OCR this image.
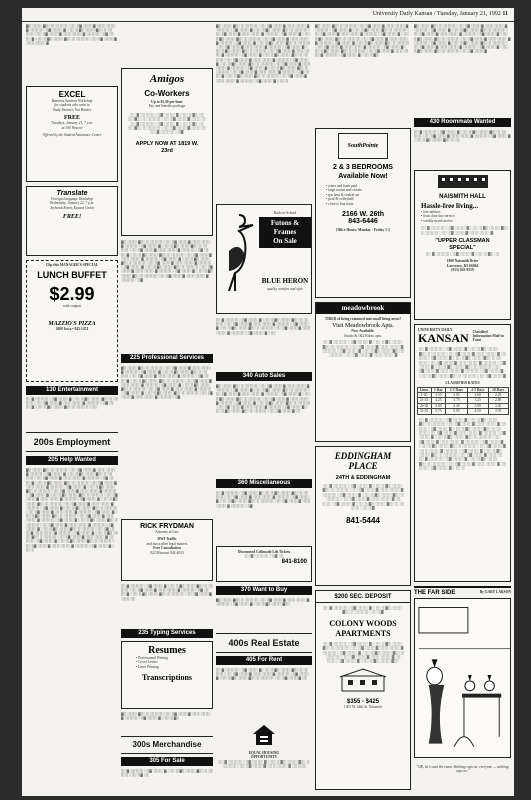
University Daily Kansan / Tuesday, January 21, 1992 11
▓▒ ░▒ ▒░ ▓▒░ ▒ ░▒ ▒░▒ ░ ▒░ ▒▓ ░▒ ▒░▓ ░▒ ▒ ░▒ ▒░ ▓ ░▒ ▒░▒ ░ ▒▓ ░▒ ▒░ ▓ ░ ▒░ ▒ ▓▒ ░▒ ▒░ ▓▒░ ▒ ░▒ ▒░▒ ░ ▒░ ▒▓ ░▒ ▒░▓ ░▒ ▒ ░▒ ▒░ ▓ ░▒ ▒░▒ ░ ▒▓ ░▒ ▒░ ▓ ░ ▒░ ▒ ▓▒ ░▒ ▒░ ▓▒░ ▒ ░▒ ▒░▒ ░ ▒░ ▒▓ ░▒ ▒░▓ ░▒ ▒ ░▒ ▒░ ▓
EXCEL
Business Seminar Workshop
for students who want to
Study Smarter, Not Harder
FREE
Tuesdays, January 21, 7 p.m.
at 300 Wescoe
Offered by the Student Assistance Center
Translate
Foreign Language Workshop
Wednesday, January 22, 7 p.m.
Jayhawk Room, Kansas Union
FREE!
Clip this MANAGER'S SPECIAL
LUNCH BUFFET
$2.99
with coupon
MAZZIO'S PIZZA
2600 Iowa • 843-1474
130 Entertainment
▒░ ▓ ░▒ ▒░▒ ░ ▒▓ ░▒ ▒░ ▓ ░ ▒░ ▒ ▓▒ ░▒ ▒░ ▓▒░ ▒ ░▒ ▒░▒ ░ ▒░ ▒▓ ░▒ ▒░▓ ░▒ ▒ ░▒ ▒░ ▓ ░▒ ▒░▒ ░ ▒▓ ░▒ ▒░ ▓ ░ ▒░ ▒ ▓▒ ░▒ ▒░ ▓▒░ ▒ ░▒ ▒░▒ ░ ▒░
200s Employment
205 Help Wanted
▓▒ ░▒ ▒░ ▓▒░ ▒ ░▒ ▒░▒ ░ ▒░ ▒▓ ░▒ ▒░▓ ░▒ ▒ ░▒ ▒░ ▓ ░▒ ▒░▒ ░ ▒▓ ░▒ ▒░ ▓ ░ ▒░ ▒ ▓▒ ░▒ ▒░ ▓▒░ ▒ ░▒ ▒░▒ ░ ▒░ ▒▓ ░▒ ▒░▓ ░▒ ▒ ░▒ ▒░ ▓ ░▒ ▒░▒ ░ ▒▓ ░▒ ▒░ ▓ ░ ▒░ ▒ ▓▒ ░▒ ▒░ ▓▒░ ▒ ░▒ ▒░▒ ░ ▒░ ▒▓ ░▒ ▒░▓ ░▒ ▒ ░▒ ▒░ ▓ ░▒ ▒░▒ ░ ▒▓ ░▒ ▒░ ▓ ░ ▒░ ▒ ▓▒ ░▒ ▒░ ▓▒░ ▒ ░▒ ▒░▒ ░ ▒░ ▒▓ ░▒ ▒░▓ ░▒ ▒ ░▒ ▒░ ▓ ░▒ ▒░▒ ░ ▒▓ ░▒ ▒░ ▓ ░ ▒░ ▒ ▓▒ ░▒ ▒░ ▓▒░ ▒ ░▒ ▒░▒ ░ ▒░ ▒▓ ░▒ ▒░▓ ░▒ ▒ ░▒ ▒░ ▓ ░▒ ▒░▒ ░ ▒▓ ░▒ ▒░ ▓ ░ ▒░ ▒ ▓▒ ░▒ ▒░ ▓▒░ ▒ ░▒ ▒░▒ ░ ▒░ ▒▓ ░▒ ▒░▓ ░▒ ▒ ░▒ ▒░ ▓ ░▒ ▒░▒ ░ ▒▓ ░▒ ▒░ ▓ ░ ▒░ ▒ ▓▒ ░▒ ▒░ ▓▒░ ▒ ░▒ ▒░▒ ░ ▒░ ▒▓ ░▒ ▒░▓ ░▒ ▒ ░▒ ▒░ ▓ ░▒ ▒░▒ ░ ▒▓ ░▒ ▒░ ▓ ░ ▒░ ▒ ▓▒ ░▒ ▒░ ▓▒░ ▒ ░▒ ▒░▒ ░ ▒░ ▒▓ ░▒ ▒░▓ ░▒ ▒ ░▒ ▒░ ▓ ░▒ ▒░▒ ░ ▒▓ ░▒ ▒░ ▓ ░ ▒░ ▒ ▓▒ ░▒ ▒░ ▓▒░ ▒ ░▒ ▒░▒ ░ ▒░ ▒▓ ░▒ ▒░▓ ░▒ ▒ ░▒ ▒░ ▓ ░▒ ▒░▒ ░ ▒▓ ░▒ ▒░ ▓ ░ ▒░ ▒ ▓▒ ░▒ ▒░ ▓▒░ ▒ ░▒ ▒░▒ ░ ▒░ ▒▓ ░▒ ▒░▓ ░▒ ▒ ░▒ ▒░ ▓ ░▒ ▒░▒ ░ ▒▓ ░▒ ▒░ ▓ ░ ▒░ ▒ ▓▒ ░▒ ▒░ ▓▒░ ▒ ░▒ ▒░▒ ░ ▒░ ▒▓ ░▒ ▒░▓ ░▒ ▒ ░▒ ▒░ ▓ ░▒ ▒░▒ ░ ▒▓ ░▒ ▒░ ▓ ░ ▒░ ▒ ▓▒ ░▒ ▒░ ▓▒░ ▒ ░▒ ▒░▒ ░ ▒░ ▒▓ ░▒ ▒░▓ ░▒ ▒ ░▒ ▒░ ▓ ░▒ ▒░▒ ░ ▒▓ ░▒ ▒░ ▓ ░ ▒░ ▒
Amigos
Co-Workers
Up to $5.50 per hour
Pay and benefits package
▒░ ▓ ░▒ ▒░▒ ░ ▒▓ ░▒ ▒░ ▓ ░ ▒░ ▒ ▓▒ ░▒ ▒░ ▓▒░ ▒ ░▒ ▒░▒ ░ ▒░ ▒▓ ░▒ ▒░▓ ░▒ ▒ ░▒ ▒░ ▓ ░▒ ▒░▒ ░ ▒▓ ░▒ ▒░ ▓ ░ ▒░ ▒ ▓▒ ░▒ ▒░ ▓▒░ ▒ ░▒ ▒░▒ ░ ▒░ ▒▓ ░▒ ▒░▓ ░▒ ▒ ░▒ ▒░ ▓ ░▒ ▒░▒ ░ ▒▓
APPLY NOW AT 1819 W. 23rd
▓▒ ░▒ ▒░ ▓▒░ ▒ ░▒ ▒░▒ ░ ▒░ ▒▓ ░▒ ▒░▓ ░▒ ▒ ░▒ ▒░ ▓ ░▒ ▒░▒ ░ ▒▓ ░▒ ▒░ ▓ ░ ▒░ ▒ ▓▒ ░▒ ▒░ ▓▒░ ▒ ░▒ ▒░▒ ░ ▒░ ▒▓ ░▒ ▒░▓ ░▒ ▒ ░▒ ▒░ ▓ ░▒ ▒░▒ ░ ▒▓ ░▒ ▒░ ▓ ░ ▒░ ▒ ▓▒ ░▒ ▒░ ▓▒░ ▒ ░▒ ▒░▒ ░ ▒░ ▒▓ ░▒ ▒░▓ ░▒ ▒ ░▒ ▒░ ▓ ░▒ ▒░▒ ░ ▒▓ ░▒ ▒░ ▓ ░ ▒░ ▒ ▓▒ ░▒ ▒░ ▓▒░ ▒ ░▒ ▒░▒ ░ ▒░ ▒▓ ░▒ ▒░▓ ░▒ ▒ ░▒ ▒░ ▓ ░▒ ▒░▒ ░ ▒▓ ░▒ ▒░ ▓ ░ ▒░ ▒ ▓▒ ░▒ ▒░ ▓▒░ ▒ ░▒ ▒░▒ ░ ▒░ ▒▓ ░▒ ▒░▓ ░▒ ▒ ░▒ ▒░ ▓ ░▒ ▒░▒ ░ ▒▓ ░▒ ▒░ ▓ ░ ▒░ ▒ ▓▒ ░▒ ▒░ ▓▒░ ▒ ░▒ ▒░▒ ░ ▒░ ▒▓ ░▒ ▒░▓ ░▒ ▒ ░▒ ▒░ ▓ ░▒ ▒░▒ ░ ▒▓
225 Professional Services
▓▒ ░▒ ▒░ ▓▒░ ▒ ░▒ ▒░▒ ░ ▒░ ▒▓ ░▒ ▒░▓ ░▒ ▒ ░▒ ▒░ ▓ ░▒ ▒░▒ ░ ▒▓ ░▒ ▒░ ▓ ░ ▒░ ▒ ▓▒ ░▒ ▒░ ▓▒░ ▒ ░▒ ▒░▒ ░ ▒░ ▒▓ ░▒ ▒░▓ ░▒ ▒ ░▒ ▒░ ▓ ░▒ ▒░▒ ░ ▒▓ ░▒ ▒░ ▓ ░ ▒░ ▒ ▓▒ ░▒ ▒░ ▓▒░ ▒ ░▒ ▒░▒ ░ ▒░ ▒▓ ░▒ ▒░▓ ░▒ ▒ ░▒ ▒░ ▓ ░▒ ▒░▒ ░ ▒▓ ░▒ ▒░ ▓ ░ ▒░ ▒ ▓▒ ░▒ ▒░ ▓▒░ ▒ ░▒ ▒░▒ ░ ▒░ ▒▓ ░▒ ▒░▓ ░▒ ▒ ░▒ ▒░ ▓ ░▒ ▒░▒ ░ ▒▓ ░▒ ▒░ ▓ ░ ▒░ ▒ ▓▒ ░▒ ▒░ ▓▒░ ▒ ░▒ ▒░▒ ░ ▒░ ▒▓ ░▒ ▒░▓ ░▒ ▒ ░▒ ▒░ ▓ ░▒ ▒░▒ ░ ▒▓
RICK FRYDMAN
Attorney at Law
DWI Traffic
and most other legal matters
Free Consultation
822 Missouri 842-4033
▒░ ▓ ░▒ ▒░▒ ░ ▒▓ ░▒ ▒░ ▓ ░ ▒░ ▒ ▓▒ ░▒ ▒░ ▓▒░ ▒ ░▒ ▒░▒ ░ ▒░ ▒▓ ░▒ ▒░▓ ░▒ ▒ ░▒ ▒░ ▓ ░▒ ▒░▒ ░ ▒▓ ░▒ ▒░ ▓ ░ ▒░ ▒ ▓▒ ░▒ ▒░ ▓▒░ ▒ ░▒ ▒░▒ ░ ▒░ ▒▓ ░▒ ▒░▓ ░▒ ▒ ░▒
235 Typing Services
Resumes
• Professional Writing
• Cover Letters
• Laser Printing
Transcriptions
▓▒ ░▒ ▒░ ▓▒░ ▒ ░▒ ▒░▒ ░ ▒░ ▒▓ ░▒ ▒░▓ ░▒ ▒ ░▒ ▒░ ▓ ░▒ ▒░▒ ░ ▒▓ ░▒ ▒░ ▓ ░ ▒░ ▒ ▓▒
300s Merchandise
305 For Sale
▒░ ▓ ░▒ ▒░▒ ░ ▒▓ ░▒ ▒░ ▓ ░ ▒░ ▒ ▓▒ ░▒ ▒░ ▓▒░ ▒ ░▒ ▒░▒ ░ ▒░ ▒▓ ░▒
▓▒ ░▒ ▒░ ▓▒░ ▒ ░▒ ▒░▒ ░ ▒░ ▒▓ ░▒ ▒░▓ ░▒ ▒ ░▒ ▒░ ▓ ░▒ ▒░▒ ░ ▒▓ ░▒ ▒░ ▓ ░ ▒░ ▒ ▓▒ ░▒ ▒░ ▓▒░ ▒ ░▒ ▒░▒ ░ ▒░ ▒▓ ░▒ ▒░▓ ░▒ ▒ ░▒ ▒░ ▓ ░▒ ▒░▒ ░ ▒▓ ░▒ ▒░ ▓ ░ ▒░ ▒ ▓▒ ░▒ ▒░ ▓▒░ ▒ ░▒ ▒░▒ ░ ▒░ ▒▓ ░▒ ▒░▓ ░▒ ▒ ░▒ ▒░ ▓ ░▒ ▒░▒ ░ ▒▓ ░▒ ▒░ ▓ ░ ▒░ ▒ ▓▒ ░▒ ▒░ ▓▒░ ▒ ░▒ ▒░▒ ░ ▒░ ▒▓ ░▒ ▒░▓ ░▒ ▒ ░▒ ▒░ ▓ ░▒ ▒░▒ ░ ▒▓ ░▒ ▒░ ▓ ░ ▒░ ▒ ▓▒ ░▒ ▒░ ▓▒░ ▒ ░▒ ▒░▒ ░ ▒░ ▒▓ ░▒ ▒░▓ ░▒ ▒ ░▒ ▒░ ▓ ░▒ ▒░▒ ░ ▒▓ ░▒ ▒░ ▓ ░ ▒░ ▒ ▓▒ ░▒ ▒░ ▓▒░ ▒ ░▒ ▒░▒ ░ ▒░ ▒▓ ░▒ ▒░▓ ░▒ ▒ ░▒ ▒░ ▓ ░▒ ▒░▒ ░ ▒▓ ░▒ ▒░ ▓ ░ ▒░ ▒ ▓▒ ░▒ ▒░ ▓▒░ ▒ ░▒ ▒░▒ ░ ▒░ ▒▓ ░▒ ▒░▓ ░▒ ▒ ░▒ ▒░ ▓ ░▒ ▒░▒ ░ ▒▓ ░▒ ▒░ ▓ ░ ▒░ ▒ ▓▒ ░▒ ▒░ ▓▒░ ▒ ░▒ ▒░▒ ░ ▒░ ▒▓ ░▒ ▒░▓ ░▒ ▒ ░▒ ▒░ ▓ ░▒ ▒░▒ ░ ▒▓ ░▒ ▒░ ▓ ░ ▒░ ▒ ▓▒ ░▒ ▒░ ▓▒░ ▒ ░▒ ▒░▒ ░ ▒░ ▒▓ ░▒ ▒░▓ ░▒ ▒ ░▒ ▒░ ▓ ░▒ ▒░▒ ░ ▒▓ ░▒ ▒░ ▓ ░ ▒░ ▒
Back-to-School
Futons & Frames
On Sale
BLUE HERON
quality comfort and style
▒░ ▓ ░▒ ▒░▒ ░ ▒▓ ░▒ ▒░ ▓ ░ ▒░ ▒ ▓▒ ░▒ ▒░ ▓▒░ ▒ ░▒ ▒░▒ ░ ▒░ ▒▓ ░▒ ▒░▓ ░▒ ▒ ░▒ ▒░ ▓ ░▒ ▒░▒ ░ ▒▓ ░▒ ▒░ ▓ ░ ▒░ ▒ ▓▒ ░▒ ▒░ ▓▒░ ▒ ░▒ ▒░▒ ░ ▒░ ▒▓ ░▒ ▒░▓ ░▒ ▒ ░▒ ▒░ ▓ ░▒ ▒░▒ ░ ▒▓ ░▒ ▒░ ▓ ░ ▒░
340 Auto Sales
▓▒ ░▒ ▒░ ▓▒░ ▒ ░▒ ▒░▒ ░ ▒░ ▒▓ ░▒ ▒░▓ ░▒ ▒ ░▒ ▒░ ▓ ░▒ ▒░▒ ░ ▒▓ ░▒ ▒░ ▓ ░ ▒░ ▒ ▓▒ ░▒ ▒░ ▓▒░ ▒ ░▒ ▒░▒ ░ ▒░ ▒▓ ░▒ ▒░▓ ░▒ ▒ ░▒ ▒░ ▓ ░▒ ▒░▒ ░ ▒▓ ░▒ ▒░ ▓ ░ ▒░ ▒ ▓▒ ░▒ ▒░ ▓▒░ ▒ ░▒ ▒░▒ ░ ▒░ ▒▓ ░▒ ▒░▓ ░▒ ▒ ░▒ ▒░ ▓ ░▒ ▒░▒ ░ ▒▓ ░▒ ▒░ ▓ ░ ▒░ ▒ ▓▒ ░▒ ▒░ ▓▒░ ▒ ░▒ ▒░▒ ░ ▒░ ▒▓ ░▒ ▒░▓ ░▒ ▒ ░▒ ▒░ ▓ ░▒ ▒░▒ ░ ▒▓ ░▒ ▒░ ▓ ░ ▒░ ▒ ▓▒ ░▒ ▒░ ▓▒░ ▒ ░▒ ▒░▒ ░ ▒░ ▒▓ ░▒ ▒░▓ ░▒
360 Miscellaneous
▒░ ▓ ░▒ ▒░▒ ░ ▒▓ ░▒ ▒░ ▓ ░ ▒░ ▒ ▓▒ ░▒ ▒░ ▓▒░ ▒ ░▒ ▒░▒ ░ ▒░ ▒▓ ░▒ ▒░▓ ░▒ ▒ ░▒ ▒░ ▓ ░▒ ▒░▒ ░ ▒▓ ░▒ ▒░ ▓ ░ ▒░ ▒ ▓▒ ░▒ ▒░ ▓▒░ ▒ ░▒ ▒░▒ ░ ▒░ ▒▓ ░▒ ▒░▓ ░▒ ▒ ░▒ ▒░ ▓ ░▒ ▒░▒ ░ ▒▓
Discounted Collonade Lift Tickets
▒░ ▓ ░▒ ▒░▒ ░ ▒▓ ░▒
841-8100
370 Want to Buy
▓▒ ░▒ ▒░ ▓▒░ ▒ ░▒ ▒░▒ ░ ▒░ ▒▓ ░▒ ▒░▓ ░▒ ▒ ░▒ ▒░ ▓ ░▒ ▒░▒ ░ ▒▓ ░▒ ▒░ ▓ ░ ▒░ ▒ ▓▒ ░▒ ▒░ ▓▒░
400s Real Estate
405 For Rent
▒░ ▓ ░▒ ▒░▒ ░ ▒▓ ░▒ ▒░ ▓ ░ ▒░ ▒ ▓▒ ░▒ ▒░ ▓▒░ ▒ ░▒ ▒░▒ ░ ▒░ ▒▓ ░▒ ▒░▓ ░▒ ▒ ░▒ ▒░ ▓ ░▒ ▒░▒ ░ ▒▓ ░▒ ▒░ ▓ ░ ▒░ ▒ ▓▒ ░▒ ▒░ ▓▒░ ▒ ░▒ ▒░▒ ░ ▒░ ▒▓ ░▒ ▒░▓ ░▒
EQUAL HOUSING OPPORTUNITY
▒░ ▓ ░▒ ▒░▒ ░ ▒▓ ░▒ ▒░ ▓ ░ ▒░ ▒ ▓▒ ░▒ ▒░ ▓▒░ ▒ ░▒ ▒░▒ ░ ▒░ ▒▓ ░▒ ▒░▓ ░▒ ▒ ░▒ ▒░ ▓ ░▒ ▒░▒
▓▒ ░▒ ▒░ ▓▒░ ▒ ░▒ ▒░▒ ░ ▒░ ▒▓ ░▒ ▒░▓ ░▒ ▒ ░▒ ▒░ ▓ ░▒ ▒░▒ ░ ▒▓ ░▒ ▒░ ▓ ░ ▒░ ▒ ▓▒ ░▒ ▒░ ▓▒░ ▒ ░▒ ▒░▒ ░ ▒░ ▒▓ ░▒ ▒░▓ ░▒ ▒ ░▒ ▒░ ▓ ░▒ ▒░▒ ░ ▒▓ ░▒ ▒░ ▓ ░ ▒░ ▒ ▓▒ ░▒ ▒░ ▓▒░ ▒ ░▒ ▒░▒ ░ ▒░ ▒▓ ░▒ ▒░▓ ░▒ ▒ ░▒ ▒░ ▓ ░▒ ▒░▒ ░ ▒▓ ░▒ ▒░ ▓ ░ ▒░ ▒ ▓▒ ░▒ ▒░ ▓▒░ ▒ ░▒ ▒░▒ ░ ▒░ ▒▓ ░▒ ▒░▓ ░▒ ▒ ░▒ ▒░ ▓ ░▒ ▒░▒ ░ ▒▓ ░▒ ▒░ ▓ ░ ▒░ ▒ ▓▒ ░▒ ▒░ ▓▒░ ▒ ░▒ ▒░▒ ░ ▒░ ▒▓ ░▒ ▒░▓ ░▒ ▒ ░▒ ▒░ ▓ ░▒ ▒░▒ ░ ▒▓ ░▒ ▒░ ▓ ░ ▒░ ▒ ▓▒
SouthPointe
2 & 3 BEDROOMS Available Now!
• water and trash paid
• large rooms and closets
• gas heat & central air
• pool & volleyball
• close to bus route
2166 W. 26th
843-6446
Office Hours: Monday - Friday 1-5
meadowbrook
TIRED of being crammed into small living areas?
Visit Meadowbrook Apts.
Now Available:
Studio & 1&2 Bdrm. apts.
▒░ ▓ ░▒ ▒░▒ ░ ▒▓ ░▒ ▒░ ▓ ░ ▒░ ▒ ▓▒ ░▒ ▒░ ▓▒░ ▒ ░▒ ▒░▒ ░ ▒░ ▒▓ ░▒ ▒░▓ ░▒ ▒ ░▒ ▒░ ▓ ░▒ ▒░▒ ░ ▒▓ ░▒ ▒░ ▓ ░ ▒░ ▒ ▓▒ ░▒ ▒░ ▓▒░ ▒ ░▒ ▒░▒ ░ ▒░ ▒▓ ░▒ ▒░▓ ░▒ ▒ ░▒ ▒░ ▓
EDDINGHAM PLACE
24TH & EDDINGHAM
▒░ ▓ ░▒ ▒░▒ ░ ▒▓ ░▒ ▒░ ▓ ░ ▒░ ▒ ▓▒ ░▒ ▒░ ▓▒░ ▒ ░▒ ▒░▒ ░ ▒░ ▒▓ ░▒ ▒░▓ ░▒ ▒ ░▒ ▒░ ▓ ░▒ ▒░▒ ░ ▒▓ ░▒ ▒░ ▓ ░ ▒░ ▒ ▓▒ ░▒ ▒░ ▓▒░ ▒ ░▒ ▒░▒ ░ ▒░ ▒▓ ░▒ ▒░▓ ░▒ ▒ ░▒ ▒░ ▓ ░▒ ▒░▒ ░ ▒▓ ░▒ ▒░ ▓ ░ ▒░ ▒ ▓▒ ░▒ ▒░ ▓▒░ ▒ ░▒ ▒░▒ ░ ▒░ ▒▓
841-5444
$200 SEC. DEPOSIT
▒░ ▓ ░▒ ▒░▒ ░ ▒▓ ░▒ ▒░ ▓ ░ ▒░ ▒ ▓▒ ░▒ ▒░ ▓▒░ ▒ ░▒ ▒░▒ ░ ▒░ ▒▓
COLONY WOODS APARTMENTS
▒░ ▓ ░▒ ▒░▒ ░ ▒▓ ░▒ ▒░ ▓ ░ ▒░ ▒ ▓▒ ░▒ ▒░ ▓▒░ ▒ ░▒ ▒░▒ ░ ▒░ ▒▓ ░▒ ▒░▓ ░▒ ▒ ░▒ ▒░ ▓ ░▒ ▒░▒ ░ ▒▓ ░▒ ▒░ ▓ ░ ▒░ ▒ ▓▒ ░▒ ▒░ ▓▒░ ▒ ░▒ ▒░▒ ░ ▒░ ▒▓ ░▒ ▒░▓ ░▒ ▒ ░▒ ▒░ ▓ ░▒ ▒░▒ ░ ▒▓ ░▒ ▒░ ▓ ░ ▒░ ▒ ▓▒ ░▒ ▒░ ▓▒░
$355 - $425
1301 W. 24th St. Naismith
▓▒ ░▒ ▒░ ▓▒░ ▒ ░▒ ▒░▒ ░ ▒░ ▒▓ ░▒ ▒░▓ ░▒ ▒ ░▒ ▒░ ▓ ░▒ ▒░▒ ░ ▒▓ ░▒ ▒░ ▓ ░ ▒░ ▒ ▓▒ ░▒ ▒░ ▓▒░ ▒ ░▒ ▒░▒ ░ ▒░ ▒▓ ░▒ ▒░▓ ░▒ ▒ ░▒ ▒░ ▓ ░▒ ▒░▒ ░ ▒▓ ░▒ ▒░ ▓ ░ ▒░ ▒ ▓▒ ░▒ ▒░ ▓▒░ ▒ ░▒ ▒░▒ ░ ▒░ ▒▓ ░▒ ▒░▓ ░▒ ▒ ░▒ ▒░ ▓ ░▒ ▒░▒ ░ ▒▓ ░▒ ▒░ ▓ ░ ▒░ ▒ ▓▒ ░▒ ▒░ ▓▒░ ▒ ░▒ ▒░▒ ░ ▒░ ▒▓ ░▒ ▒░▓ ░▒ ▒ ░▒ ▒░ ▓ ░▒ ▒░▒ ░ ▒▓ ░▒ ▒░ ▓ ░ ▒░ ▒ ▓▒ ░▒ ▒░ ▓▒░ ▒ ░▒ ▒░▒ ░ ▒░ ▒▓ ░▒ ▒░▓
430 Roommate Wanted
▒░ ▓ ░▒ ▒░▒ ░ ▒▓ ░▒ ▒░ ▓ ░ ▒░ ▒ ▓▒ ░▒ ▒░ ▓▒░ ▒ ░▒ ▒░▒ ░ ▒░ ▒▓ ░▒ ▒░▓ ░▒ ▒ ░▒ ▒░ ▓ ░▒ ▒░▒ ░ ▒▓ ░▒ ▒░ ▓ ░ ▒░ ▒ ▓▒ ░▒ ▒░ ▓▒░ ▒ ░▒
NAISMITH HALL
Hassle-free living...
• free utilities
• front door bus service
• weekly maid service
▒░ ▓ ░▒ ▒░▒ ░ ▒▓ ░▒ ▒░ ▓ ░ ▒░ ▒ ▓▒ ░▒ ▒░ ▓▒░ ▒ ░▒ ▒░▒ ░ ▒░ ▒▓ ░▒ ▒░▓ ░▒ ▒ ░▒ ▒░ ▓
"UPPER CLASSMAN SPECIAL"
▒░ ▓ ░▒ ▒░▒ ░ ▒▓ ░▒ ▒░ ▓ ░ ▒░ ▒ ▓▒ ░▒
1800 Naismith Drive
Lawrence, KS 66044
(913) 843-8559
UNIVERSITY DAILY
KANSAN Classified Information Mail-in Form
▒░ ▓ ░▒ ▒░▒ ░ ▒▓ ░▒ ▒░ ▓ ░ ▒░ ▒ ▓▒ ░▒ ▒░ ▓▒░ ▒ ░▒ ▒░▒ ░ ▒░ ▒▓ ░▒ ▒░▓ ░▒ ▒ ░▒ ▒░ ▓ ░▒ ▒░▒ ░ ▒▓ ░▒ ▒░ ▓ ░ ▒░ ▒ ▓▒ ░▒ ▒░ ▓▒░ ▒ ░▒ ▒░▒ ░ ▒░ ▒▓ ░▒ ▒░▓ ░▒ ▒ ░▒ ▒░ ▓ ░▒ ▒░▒ ░ ▒▓ ░▒ ▒░ ▓ ░ ▒░ ▒ ▓▒ ░▒ ▒░ ▓▒░ ▒ ░▒ ▒░▒ ░ ▒░ ▒▓ ░▒ ▒░▓ ░▒ ▒ ░▒ ▒░ ▓ ░▒ ▒░▒ ░ ▒▓ ░▒ ▒░ ▓ ░ ▒░ ▒ ▓▒ ░▒ ▒░ ▓▒░ ▒ ░▒ ▒░▒ ░ ▒░ ▒▓ ░▒ ▒░▓
CLASSIFIED RATES
Lines	1 Day	2-3 Days	4-5 Days	10 Days
1-20	3.50	3.05	2.60	2.25
21-25	4.25	3.75	3.25	2.80
26-30	5.00	4.40	3.90	3.40
31-35	5.75	5.05	4.50	3.95
▒░ ▓ ░▒ ▒░▒ ░ ▒▓ ░▒ ▒░ ▓ ░ ▒░ ▒ ▓▒ ░▒ ▒░ ▓▒░ ▒ ░▒ ▒░▒ ░ ▒░ ▒▓ ░▒ ▒░▓ ░▒ ▒ ░▒ ▒░ ▓ ░▒ ▒░▒ ░ ▒▓ ░▒ ▒░ ▓ ░ ▒░ ▒ ▓▒ ░▒ ▒░ ▓▒░ ▒ ░▒ ▒░▒ ░ ▒░ ▒▓ ░▒ ▒░▓ ░▒ ▒ ░▒ ▒░ ▓ ░▒ ▒░▒ ░ ▒▓ ░▒ ▒░ ▓ ░ ▒░ ▒ ▓▒ ░▒ ▒░ ▓▒░ ▒ ░▒ ▒░▒ ░ ▒░ ▒▓ ░▒ ▒░▓ ░▒ ▒ ░▒ ▒░ ▓ ░▒ ▒░▒ ░ ▒▓ ░▒ ▒░ ▓ ░ ▒░ ▒ ▓▒ ░▒ ▒░ ▓▒░ ▒ ░▒ ▒░▒ ░ ▒░ ▒▓ ░▒ ▒░▓ ░▒ ▒ ░▒ ▒░ ▓ ░▒ ▒░▒ ░ ▒▓ ░▒ ▒░ ▓ ░ ▒░ ▒ ▓▒ ░▒ ▒░ ▓▒░ ▒ ░▒ ▒░▒ ░ ▒░ ▒▓ ░▒ ▒░▓ ░▒ ▒ ░▒ ▒░ ▓ ░▒ ▒░▒ ░ ▒▓ ░▒ ▒░ ▓ ░ ▒░ ▒ ▓▒ ░▒ ▒░ ▓▒░ ▒ ░▒ ▒░▒ ░ ▒░ ▒▓ ░▒ ▒░▓ ░▒ ▒ ░▒ ▒░ ▓ ░▒ ▒░▒ ░ ▒▓ ░▒ ▒░ ▓ ░ ▒░ ▒
THE FAR SIDE	By GARY LARSON
"OK, let's start the exam. Stinking caps on, everyone — stinking caps on."
